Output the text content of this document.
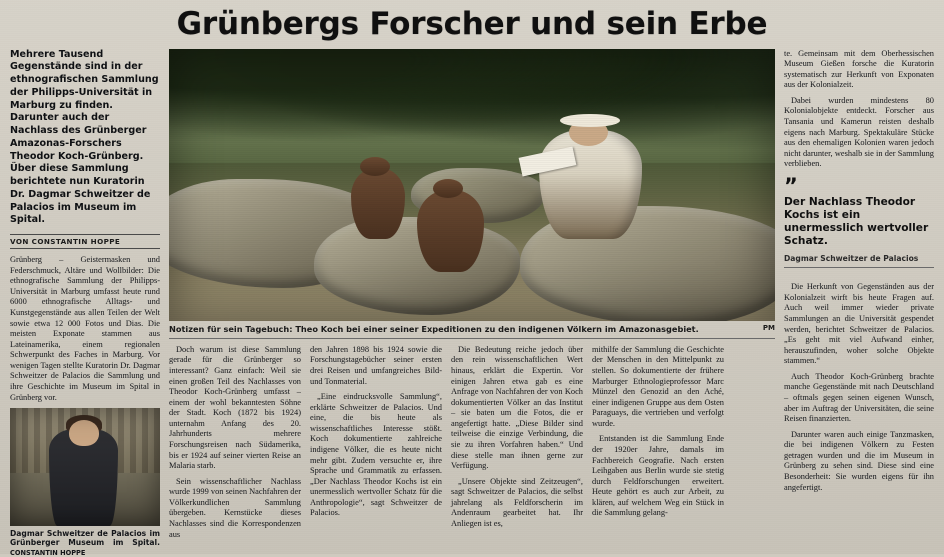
Grünbergs Forscher und sein Erbe
Mehrere Tausend Gegenstände sind in der ethnografischen Sammlung der Philipps-Universität in Marburg zu finden. Darunter auch der Nachlass des Grünberger Amazonas-Forschers Theodor Koch-Grünberg. Über diese Sammlung berichtete nun Kuratorin Dr. Dagmar Schweitzer de Palacios im Museum im Spital.
VON CONSTANTIN HOPPE

Grünberg – Geistermasken und Federschmuck, Altäre und Wollbilder: Die ethnografische Sammlung der Philipps-Universität in Marburg umfasst heute rund 6000 ethnografische Alltags- und Kunstgegenstände aus allen Teilen der Welt sowie etwa 12 000 Fotos und Dias. Die meisten Exponate stammen aus Lateinamerika, einem regionalen Schwerpunkt des Faches in Marburg. Vor wenigen Tagen stellte Kuratorin Dr. Dagmar Schweitzer de Palacios die Sammlung und ihre Geschichte im Museum im Spital in Grünberg vor.

Dagmar Schweitzer de Palacios im Grünberger Museum im Spital. CONSTANTIN HOPPE
Notizen für sein Tagebuch: Theo Koch bei einer seiner Expeditionen zu den indigenen Völkern im Amazonasgebiet.	PM

Doch warum ist diese Sammlung gerade für die Grünberger so interessant? Ganz einfach: Weil sie einen großen Teil des Nachlasses von Theodor Koch-Grünberg umfasst – einem der wohl bekanntesten Söhne der Stadt. Koch (1872 bis 1924) unternahm Anfang des 20. Jahrhunderts mehrere Forschungsreisen nach Südamerika, bis er 1924 auf seiner vierten Reise an Malaria starb.

Sein wissenschaftlicher Nachlass wurde 1999 von seinen Nachfahren der Völkerkundlichen Sammlung übergeben. Kernstücke dieses Nachlasses sind die Korrespondenzen aus

den Jahren 1898 bis 1924 sowie die Forschungstagebücher seiner ersten drei Reisen und umfangreiches Bild- und Tonmaterial.

„Eine eindrucksvolle Sammlung“, erklärte Schweitzer de Palacios. Und eine, die bis heute als wissenschaftliches Interesse stößt. Koch dokumentierte zahlreiche indigene Völker, die es heute nicht mehr gibt. Zudem versuchte er, ihre Sprache und Grammatik zu erfassen. „Der Nachlass Theodor Kochs ist ein unermesslich wertvoller Schatz für die Anthropologie“, sagt Schweitzer de Palacios.

Die Bedeutung reiche jedoch über den rein wissenschaftlichen Wert hinaus, erklärt die Expertin. Vor einigen Jahren etwa gab es eine Anfrage von Nachfahren der von Koch dokumentierten Völker an das Institut – sie baten um die Fotos, die er angefertigt hatte. „Diese Bilder sind teilweise die einzige Verbindung, die sie zu ihren Vorfahren haben.“ Und diese stelle man ihnen gerne zur Verfügung.

„Unsere Objekte sind Zeitzeugen“, sagt Schweitzer de Palacios, die selbst jahrelang als Feldforscherin im Andenraum gearbeitet hat. Ihr Anliegen ist es,

mithilfe der Sammlung die Geschichte der Menschen in den Mittelpunkt zu stellen. So dokumentierte der frühere Marburger Ethnologieprofessor Marc Münzel den Genozid an den Aché, einer indigenen Gruppe aus dem Osten Paraguays, die vertrieben und verfolgt wurde.

Entstanden ist die Sammlung Ende der 1920er Jahre, damals im Fachbereich Geografie. Nach ersten Leihgaben aus Berlin wurde sie stetig durch Feldforschungen erweitert. Heute gehört es auch zur Arbeit, zu klären, auf welchem Weg ein Stück in die Sammlung gelang-

te. Gemeinsam mit dem Oberhessischen Museum Gießen forsche die Kuratorin systematisch zur Herkunft von Exponaten aus der Kolonialzeit.

Dabei wurden mindestens 80 Kolonialobjekte entdeckt. Forscher aus Tansania und Kamerun reisten deshalb eigens nach Marburg. Spektakuläre Stücke aus den ehemaligen Kolonien waren jedoch nicht darunter, weshalb sie in der Sammlung verblieben.

”
Der Nachlass Theodor Kochs ist ein unermesslich wertvoller Schatz.
Dagmar Schweitzer de Palacios

Die Herkunft von Gegenständen aus der Kolonialzeit wirft bis heute Fragen auf. Auch weil immer wieder private Sammlungen an die Universität gespendet werden, berichtet Schweitzer de Palacios. „Es geht mit viel Aufwand einher, herauszufinden, woher solche Objekte stammen.“

Auch Theodor Koch-Grünberg brachte manche Gegenstände mit nach Deutschland – oftmals gegen seinen eigenen Wunsch, aber im Auftrag der Universitäten, die seine Reisen finanzierten.

Darunter waren auch einige Tanzmasken, die bei indigenen Völkern zu Festen getragen wurden und die im Museum in Grünberg zu sehen sind. Diese sind eine Besonderheit: Sie wurden eigens für ihn angefertigt.
